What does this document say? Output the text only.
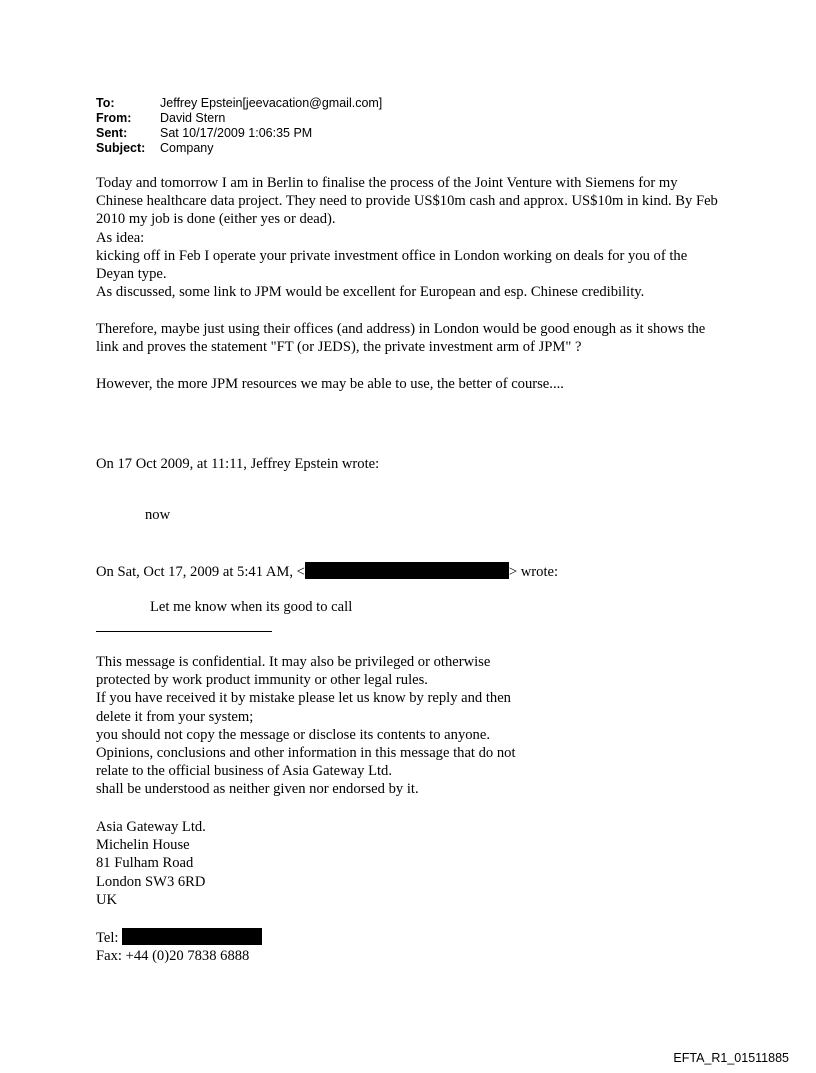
To:	Jeffrey Epstein[jeevacation@gmail.com]
From:	David Stern
Sent:	Sat 10/17/2009 1:06:35 PM
Subject:	Company

Today and tomorrow I am in Berlin to finalise the process of the Joint Venture with Siemens for my Chinese healthcare data project. They need to provide US$10m cash and approx. US$10m in kind. By Feb 2010 my job is done (either yes or dead).

As idea:

kicking off in Feb I operate your private investment office in London working on deals for you of the Deyan type.

As discussed, some link to JPM would be excellent for European and esp. Chinese credibility.

Therefore, maybe just using their offices (and address) in London would be good enough as it shows the link and proves the statement "FT (or JEDS), the private investment arm of JPM" ?
However, the more JPM resources we may be able to use, the better of course....
On 17 Oct 2009, at 11:11, Jeffrey Epstein wrote:
now
On Sat, Oct 17, 2009 at 5:41 AM, <	> wrote:
Let me know when its good to call

This message is confidential. It may also be privileged or otherwise

protected by work product immunity or other legal rules.

If you have received it by mistake please let us know by reply and then

delete it from your system;

you should not copy the message or disclose its contents to anyone.

Opinions, conclusions and other information in this message that do not

relate to the official business of Asia Gateway Ltd.

shall be understood as neither given nor endorsed by it.

Asia Gateway Ltd.

Michelin House

81 Fulham Road

London SW3 6RD

UK

Tel:

Fax: +44 (0)20 7838 6888

EFTA_R1_01511885
